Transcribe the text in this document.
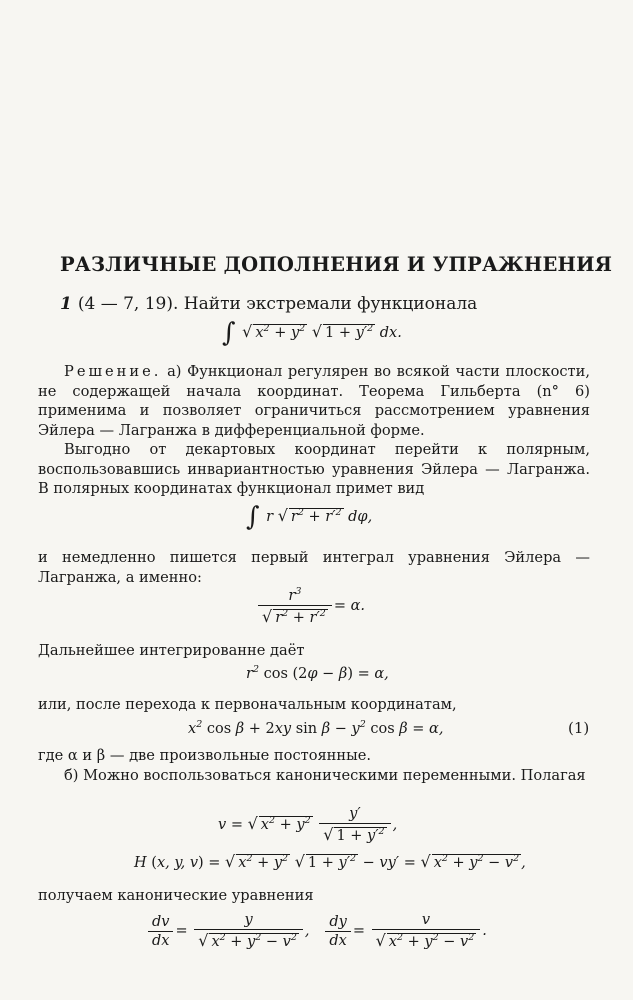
РАЗЛИЧНЫЕ ДОПОЛНЕНИЯ И УПРАЖНЕНИЯ
1 (4 — 7, 19). Найти экстремали функционала
∫ √ $x^2 + y^2$ √ $1 + y'^2$ dx.
Решение. а) Функционал регулярен во всякой части плоскости, не содержащей начала координат. Теорема Гильберта (n° 6) применима и позволяет ограничиться рассмотрением уравнения Эйлера — Лагранжа в дифференциальной форме.
Выгодно от декартовых координат перейти к полярным, воспользовавшись инвариантностью уравнения Эйлера — Лагранжа. В полярных координатах функционал примет вид
∫ r √ $r^2 + r'^2$ dφ,
и немедленно пишется первый интеграл уравнения Эйлера — Лагранжа, а именно:
$\frac{r^3}{√ r^2 + r'^2} = \alpha$.
Дальнейшее интегрированне даёт
$r^2$ cos (2φ − β) = α,
или, после перехода к первоначальным координатам,
$x^2$ cos β + 2xy $\sin \beta - y^2$ cos β = α,	(1)
где α и β — две произвольные постоянные.
б) Можно воспользоваться каноническими переменными. Полагая
v = √ $x^2 + y^2 \frac{y'}{√ 1 + y'^2}$ ,
H (x, y, v) = √ $x^2 + y^2$ √ $1 + y'^2 - vy'$ = √ $x^2 + y^2 - v^2$ ,
получаем канонические уравнения
$\frac{dv}{dx} = \frac{y}{√ x^2 + y^2 - v^2}$ , $\frac{dy}{dx} = \frac{v}{√ x^2 + y^2 - v^2}$ .
